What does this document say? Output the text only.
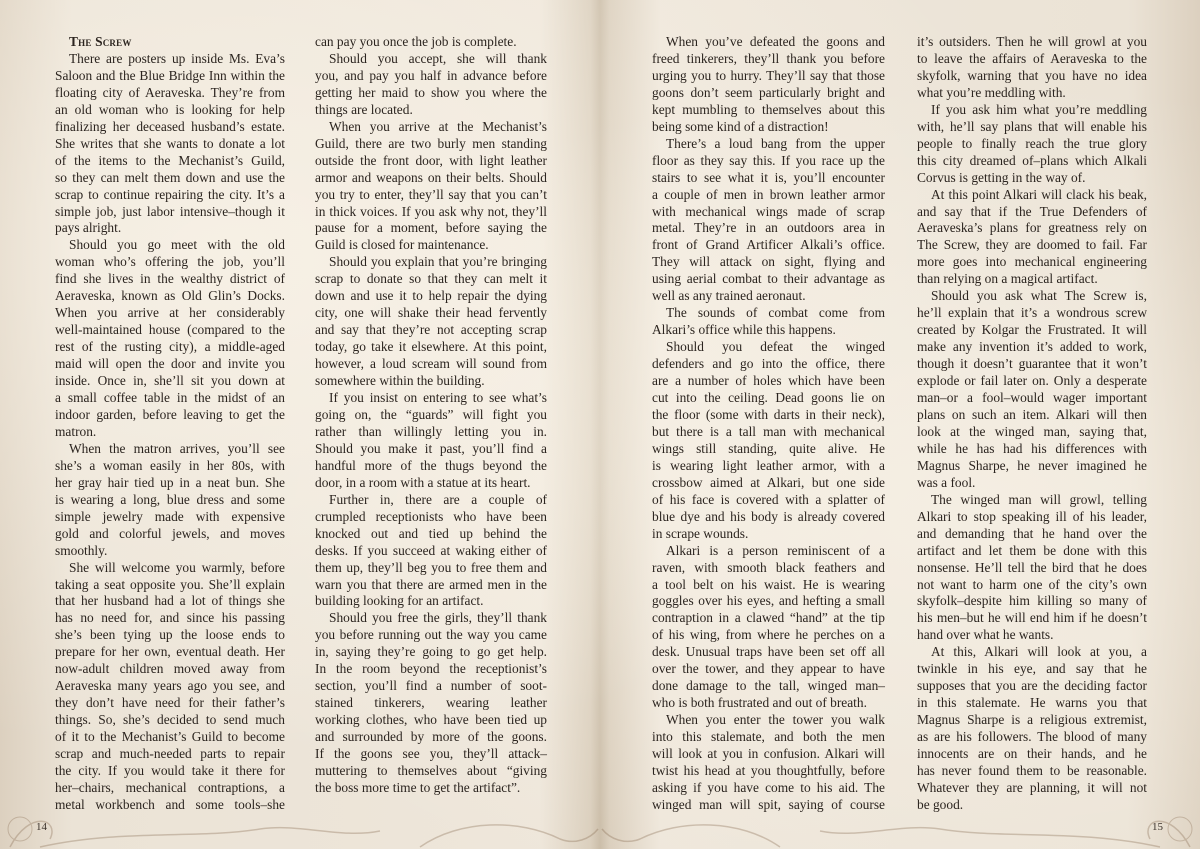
The Screw
There are posters up inside Ms. Eva’s
Saloon and the Blue Bridge Inn within the
floating city of Aeraveska. They’re from
an old woman who is looking for help
finalizing her deceased husband’s estate.
She writes that she wants to donate a lot
of the items to the Mechanist’s Guild,
so they can melt them down and use the
scrap to continue repairing the city. It’s a
simple job, just labor intensive–though it
pays alright.
Should you go meet with the old
woman who’s offering the job, you’ll
find she lives in the wealthy district of
Aeraveska, known as Old Glin’s Docks.
When you arrive at her considerably
well-maintained house (compared to the
rest of the rusting city), a middle-aged
maid will open the door and invite you
inside. Once in, she’ll sit you down at
a small coffee table in the midst of an
indoor garden, before leaving to get the
matron.
When the matron arrives, you’ll see
she’s a woman easily in her 80s, with
her gray hair tied up in a neat bun. She
is wearing a long, blue dress and some
simple jewelry made with expensive
gold and colorful jewels, and moves
smoothly.
She will welcome you warmly, before
taking a seat opposite you. She’ll explain
that her husband had a lot of things she
has no need for, and since his passing
she’s been tying up the loose ends to
prepare for her own, eventual death. Her
now-adult children moved away from
Aeraveska many years ago you see, and
they don’t have need for their father’s
things. So, she’s decided to send much
of it to the Mechanist’s Guild to become
scrap and much-needed parts to repair
the city. If you would take it there for
her–chairs, mechanical contraptions, a
metal workbench and some tools–she
can pay you once the job is complete.
Should you accept, she will thank
you, and pay you half in advance before
getting her maid to show you where the
things are located.
When you arrive at the Mechanist’s
Guild, there are two burly men standing
outside the front door, with light leather
armor and weapons on their belts. Should
you try to enter, they’ll say that you can’t
in thick voices. If you ask why not, they’ll
pause for a moment, before saying the
Guild is closed for maintenance.
Should you explain that you’re bringing
scrap to donate so that they can melt it
down and use it to help repair the dying
city, one will shake their head fervently
and say that they’re not accepting scrap
today, go take it elsewhere. At this point,
however, a loud scream will sound from
somewhere within the building.
If you insist on entering to see what’s
going on, the “guards” will fight you
rather than willingly letting you in.
Should you make it past, you’ll find a
handful more of the thugs beyond the
door, in a room with a statue at its heart.
Further in, there are a couple of
crumpled receptionists who have been
knocked out and tied up behind the
desks. If you succeed at waking either of
them up, they’ll beg you to free them and
warn you that there are armed men in the
building looking for an artifact.
Should you free the girls, they’ll thank
you before running out the way you came
in, saying they’re going to go get help.
In the room beyond the receptionist’s
section, you’ll find a number of soot-
stained tinkerers, wearing leather
working clothes, who have been tied up
and surrounded by more of the goons.
If the goons see you, they’ll attack–
muttering to themselves about “giving
the boss more time to get the artifact”.
When you’ve defeated the goons and
freed tinkerers, they’ll thank you before
urging you to hurry. They’ll say that those
goons don’t seem particularly bright and
kept mumbling to themselves about this
being some kind of a distraction!
There’s a loud bang from the upper
floor as they say this. If you race up the
stairs to see what it is, you’ll encounter
a couple of men in brown leather armor
with mechanical wings made of scrap
metal. They’re in an outdoors area in
front of Grand Artificer Alkali’s office.
They will attack on sight, flying and
using aerial combat to their advantage as
well as any trained aeronaut.
The sounds of combat come from
Alkari’s office while this happens.
Should you defeat the winged
defenders and go into the office, there
are a number of holes which have been
cut into the ceiling. Dead goons lie on
the floor (some with darts in their neck),
but there is a tall man with mechanical
wings still standing, quite alive. He
is wearing light leather armor, with a
crossbow aimed at Alkari, but one side
of his face is covered with a splatter of
blue dye and his body is already covered
in scrape wounds.
Alkari is a person reminiscent of a
raven, with smooth black feathers and
a tool belt on his waist. He is wearing
goggles over his eyes, and hefting a small
contraption in a clawed “hand” at the tip
of his wing, from where he perches on a
desk. Unusual traps have been set off all
over the tower, and they appear to have
done damage to the tall, winged man–
who is both frustrated and out of breath.
When you enter the tower you walk
into this stalemate, and both the men
will look at you in confusion. Alkari will
twist his head at you thoughtfully, before
asking if you have come to his aid. The
winged man will spit, saying of course
it’s outsiders. Then he will growl at you
to leave the affairs of Aeraveska to the
skyfolk, warning that you have no idea
what you’re meddling with.
If you ask him what you’re meddling
with, he’ll say plans that will enable his
people to finally reach the true glory
this city dreamed of–plans which Alkali
Corvus is getting in the way of.
At this point Alkari will clack his beak,
and say that if the True Defenders of
Aeraveska’s plans for greatness rely on
The Screw, they are doomed to fail. Far
more goes into mechanical engineering
than relying on a magical artifact.
Should you ask what The Screw is,
he’ll explain that it’s a wondrous screw
created by Kolgar the Frustrated. It will
make any invention it’s added to work,
though it doesn’t guarantee that it won’t
explode or fail later on. Only a desperate
man–or a fool–would wager important
plans on such an item. Alkari will then
look at the winged man, saying that,
while he has had his differences with
Magnus Sharpe, he never imagined he
was a fool.
The winged man will growl, telling
Alkari to stop speaking ill of his leader,
and demanding that he hand over the
artifact and let them be done with this
nonsense. He’ll tell the bird that he does
not want to harm one of the city’s own
skyfolk–despite him killing so many of
his men–but he will end him if he doesn’t
hand over what he wants.
At this, Alkari will look at you, a
twinkle in his eye, and say that he
supposes that you are the deciding factor
in this stalemate. He warns you that
Magnus Sharpe is a religious extremist,
as are his followers. The blood of many
innocents are on their hands, and he
has never found them to be reasonable.
Whatever they are planning, it will not
be good.
14	15
